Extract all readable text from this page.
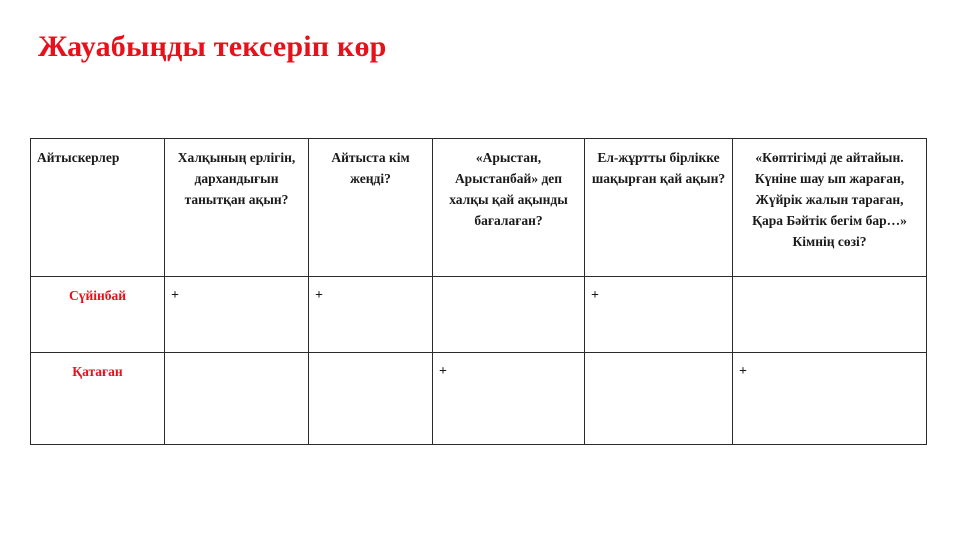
Жауабыңды тексеріп көр
Айтыскерлер	Халқының ерлігін, дархандығын танытқан ақын?	Айтыста кім жеңді?	«Арыстан, Арыстанбай» деп халқы қай ақынды бағалаған?	Ел-жұртты бірлікке шақырған қай ақын?	«Көптігімді де айтайын. Күніне шау ып жараған, Жүйрік жалын тараған, Қара Бәйтік бегім бар…» Кімнің сөзі?
Сүйінбай	+	+		+	
Қатаған			+		+
